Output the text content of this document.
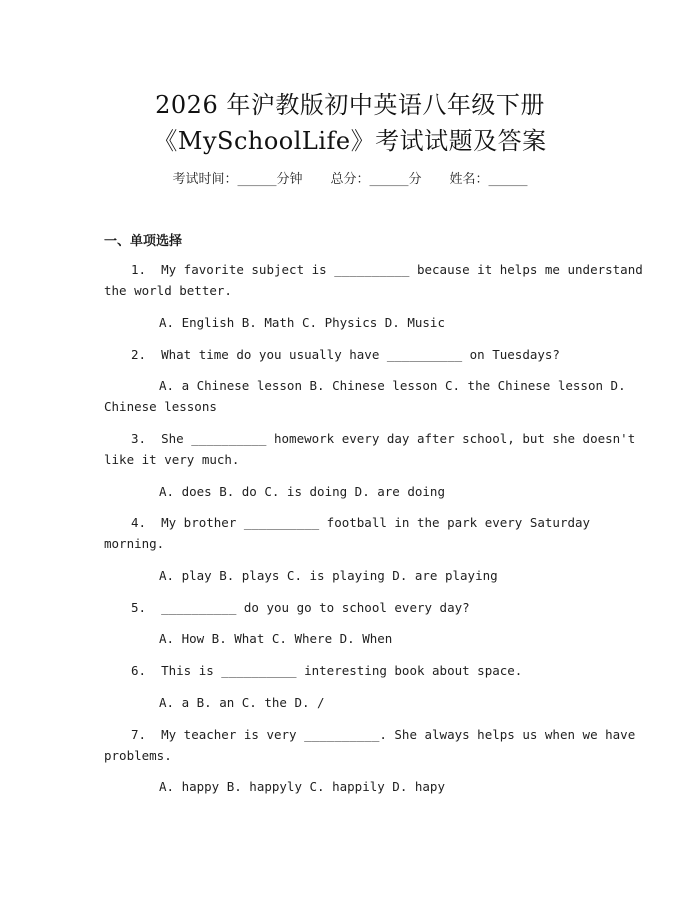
2026 年沪教版初中英语八年级下册
《MySchoolLife》考试试题及答案
考试时间：______分钟 总分：______分 姓名：______
一、单项选择
1.  My favorite subject is __________ because it helps me understand
the world better.
A. English B. Math C. Physics D. Music
2.  What time do you usually have __________ on Tuesdays?
A. a Chinese lesson B. Chinese lesson C. the Chinese lesson D.
Chinese lessons
3.  She __________ homework every day after school, but she doesn't
like it very much.
A. does B. do C. is doing D. are doing
4.  My brother __________ football in the park every Saturday
morning.
A. play B. plays C. is playing D. are playing
5.  __________ do you go to school every day?
A. How B. What C. Where D. When
6.  This is __________ interesting book about space.
A. a B. an C. the D. /
7.  My teacher is very __________. She always helps us when we have
problems.
A. happy B. happyly C. happily D. hapy
